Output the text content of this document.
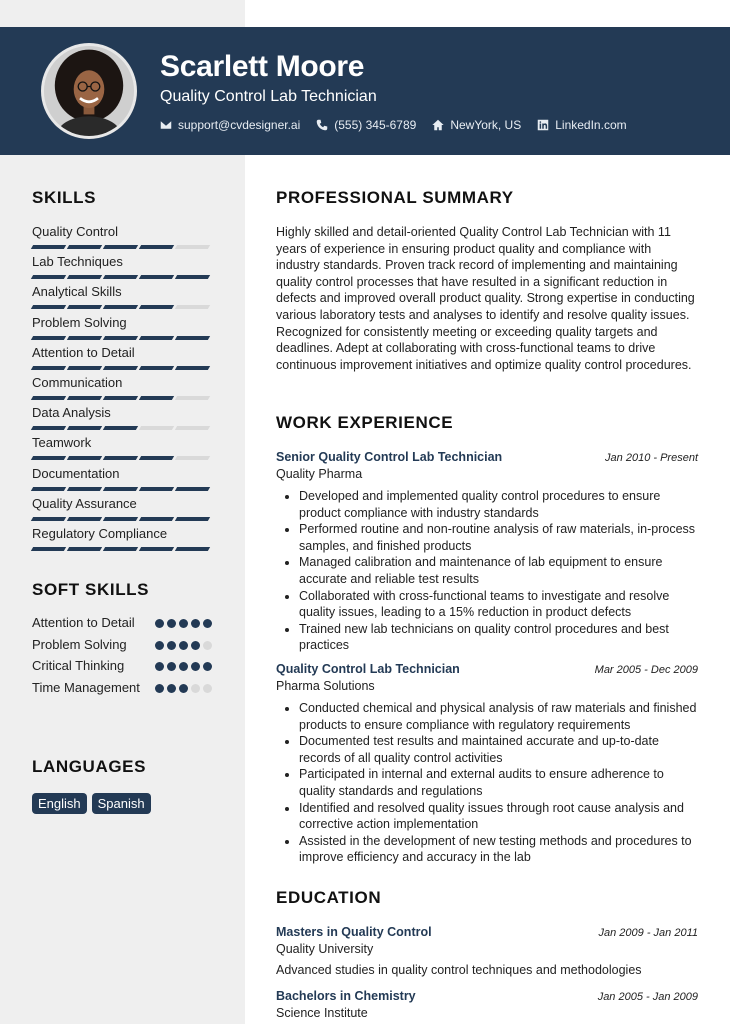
Scarlett Moore
Quality Control Lab Technician
support@cvdesigner.ai	(555) 345-6789	NewYork, US	LinkedIn.com
SKILLS
Quality Control
Lab Techniques
Analytical Skills
Problem Solving
Attention to Detail
Communication
Data Analysis
Teamwork
Documentation
Quality Assurance
Regulatory Compliance
SOFT SKILLS
Attention to Detail
Problem Solving
Critical Thinking
Time Management
LANGUAGES
English	Spanish
PROFESSIONAL SUMMARY
Highly skilled and detail-oriented Quality Control Lab Technician with 11 years of experience in ensuring product quality and compliance with industry standards. Proven track record of implementing and maintaining quality control processes that have resulted in a significant reduction in defects and improved overall product quality. Strong expertise in conducting various laboratory tests and analyses to identify and resolve quality issues. Recognized for consistently meeting or exceeding quality targets and deadlines. Adept at collaborating with cross-functional teams to drive continuous improvement initiatives and optimize quality control procedures.
WORK EXPERIENCE
Senior Quality Control Lab Technician	Jan 2010 - Present
Quality Pharma
• Developed and implemented quality control procedures to ensure product compliance with industry standards
• Performed routine and non-routine analysis of raw materials, in-process samples, and finished products
• Managed calibration and maintenance of lab equipment to ensure accurate and reliable test results
• Collaborated with cross-functional teams to investigate and resolve quality issues, leading to a 15% reduction in product defects
• Trained new lab technicians on quality control procedures and best practices
Quality Control Lab Technician	Mar 2005 - Dec 2009
Pharma Solutions
• Conducted chemical and physical analysis of raw materials and finished products to ensure compliance with regulatory requirements
• Documented test results and maintained accurate and up-to-date records of all quality control activities
• Participated in internal and external audits to ensure adherence to quality standards and regulations
• Identified and resolved quality issues through root cause analysis and corrective action implementation
• Assisted in the development of new testing methods and procedures to improve efficiency and accuracy in the lab
EDUCATION
Masters in Quality Control	Jan 2009 - Jan 2011
Quality University
Advanced studies in quality control techniques and methodologies
Bachelors in Chemistry	Jan 2005 - Jan 2009
Science Institute
